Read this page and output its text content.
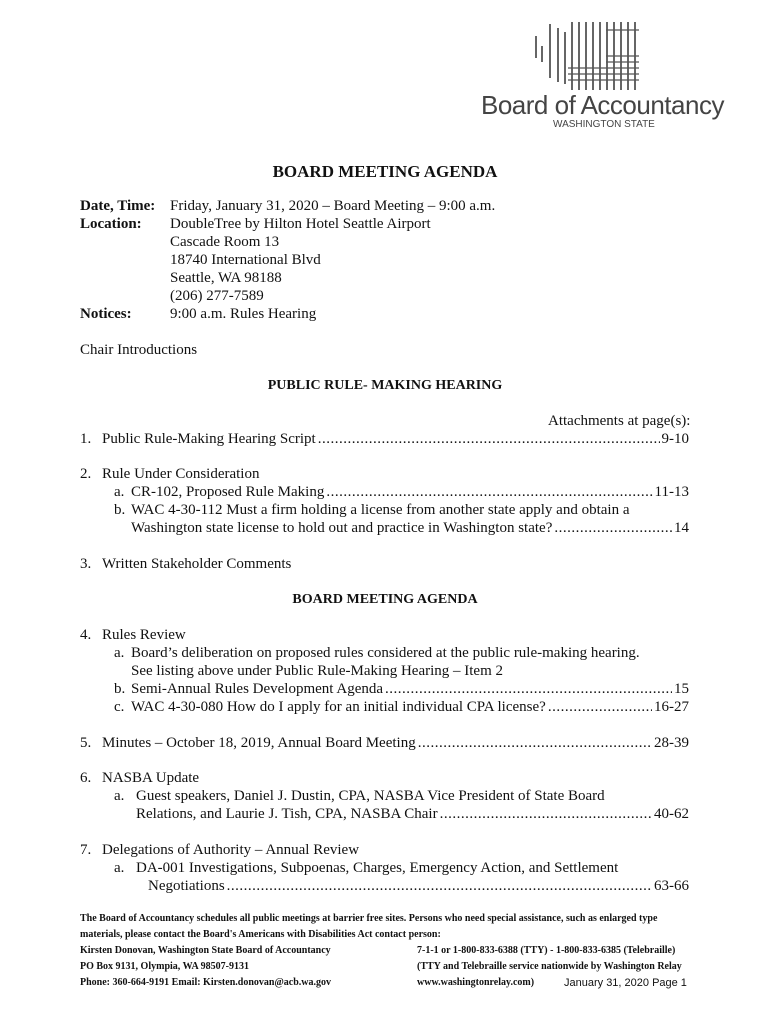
Board of Accountancy
WASHINGTON STATE
BOARD MEETING AGENDA
Date, Time: Friday, January 31, 2020 – Board Meeting – 9:00 a.m.
Location: DoubleTree by Hilton Hotel Seattle Airport
Cascade Room 13
18740 International Blvd
Seattle, WA 98188
(206) 277-7589
Notices:	9:00 a.m. Rules Hearing
Chair Introductions
PUBLIC RULE- MAKING HEARING
Attachments at page(s):
1. Public Rule-Making Hearing Script .....	9-10
2. Rule Under Consideration
a. CR-102, Proposed Rule Making .....	11-13
b. WAC 4-30-112 Must a firm holding a license from another state apply and obtain a
Washington state license to hold out and practice in Washington state? .....	14
3. Written Stakeholder Comments
BOARD MEETING AGENDA
4. Rules Review
a. Board’s deliberation on proposed rules considered at the public rule-making hearing.
See listing above under Public Rule-Making Hearing – Item 2
b. Semi-Annual Rules Development Agenda .....	15
c. WAC 4-30-080 How do I apply for an initial individual CPA license? .....	16-27
5. Minutes – October 18, 2019, Annual Board Meeting .....	28-39
6. NASBA Update
a. Guest speakers, Daniel J. Dustin, CPA, NASBA Vice President of State Board
Relations, and Laurie J. Tish, CPA, NASBA Chair .....	40-62
7. Delegations of Authority – Annual Review
a. DA-001 Investigations, Subpoenas, Charges, Emergency Action, and Settlement
Negotiations .....	63-66
The Board of Accountancy schedules all public meetings at barrier free sites. Persons who need special assistance, such as enlarged type
materials, please contact the Board's Americans with Disabilities Act contact person:
Kirsten Donovan, Washington State Board of Accountancy
PO Box 9131, Olympia, WA 98507-9131
Phone: 360-664-9191 Email: Kirsten.donovan@acb.wa.gov
7-1-1 or 1-800-833-6388 (TTY) - 1-800-833-6385 (Telebraille)
(TTY and Telebraille service nationwide by Washington Relay
www.washingtonrelay.com)	January 31, 2020 Page 1
